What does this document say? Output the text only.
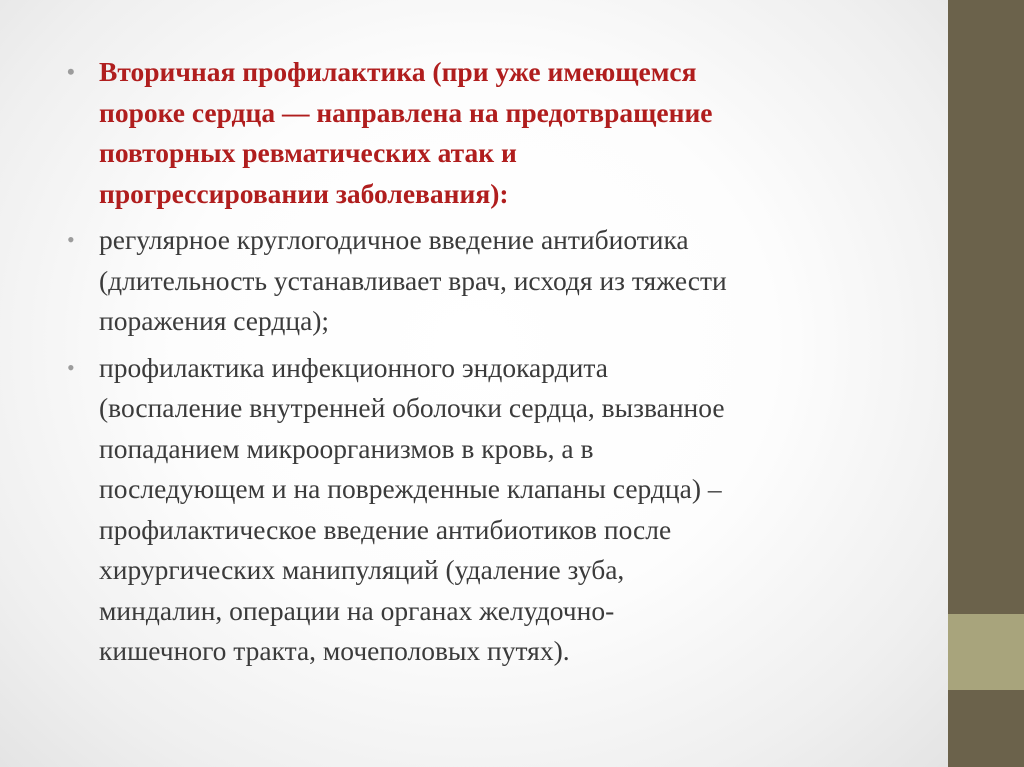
• Вторичная профилактика (при уже имеющемся
пороке сердца — направлена на предотвращение
повторных ревматических атак и
прогрессировании заболевания):
• регулярное круглогодичное введение антибиотика
(длительность устанавливает врач, исходя из тяжести
поражения сердца);
• профилактика инфекционного эндокардита
(воспаление внутренней оболочки сердца, вызванное
попаданием микроорганизмов в кровь, а в
последующем и на поврежденные клапаны сердца) –
профилактическое введение антибиотиков после
хирургических манипуляций (удаление зуба,
миндалин, операции на органах желудочно-
кишечного тракта, мочеполовых путях).
